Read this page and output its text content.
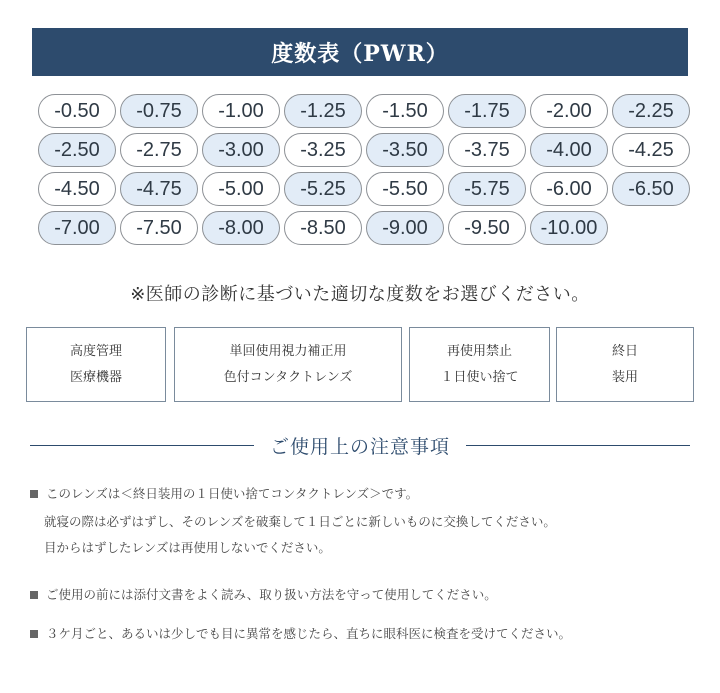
度数表（PWR）
-0.50	-0.75	-1.00	-1.25	-1.50	-1.75	-2.00	-2.25
-2.50	-2.75	-3.00	-3.25	-3.50	-3.75	-4.00	-4.25
-4.50	-4.75	-5.00	-5.25	-5.50	-5.75	-6.00	-6.50
-7.00	-7.50	-8.00	-8.50	-9.00	-9.50	-10.00
※医師の診断に基づいた適切な度数をお選びください。
高度管理
医療機器
単回使用視力補正用
色付コンタクトレンズ
再使用禁止
１日使い捨て
終日
装用
ご使用上の注意事項
このレンズは＜終日装用の１日使い捨てコンタクトレンズ＞です。
就寝の際は必ずはずし、そのレンズを破棄して１日ごとに新しいものに交換してください。
目からはずしたレンズは再使用しないでください。
ご使用の前には添付文書をよく読み、取り扱い方法を守って使用してください。
３ケ月ごと、あるいは少しでも目に異常を感じたら、直ちに眼科医に検査を受けてください。
